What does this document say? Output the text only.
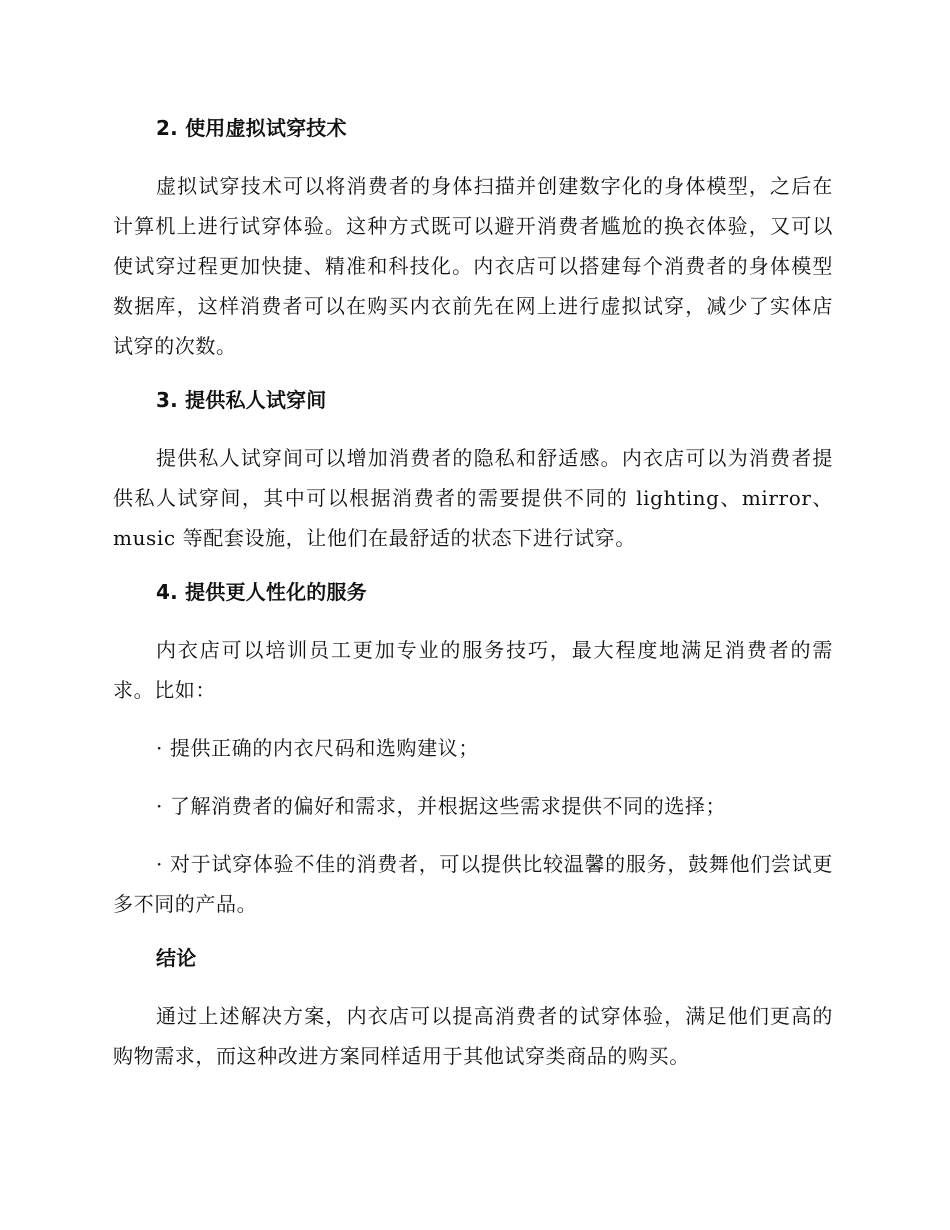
2. 使用虚拟试穿技术

虚拟试穿技术可以将消费者的身体扫描并创建数字化的身体模型，之后在计算机上进行试穿体验。这种方式既可以避开消费者尴尬的换衣体验，又可以使试穿过程更加快捷、精准和科技化。内衣店可以搭建每个消费者的身体模型数据库，这样消费者可以在购买内衣前先在网上进行虚拟试穿，减少了实体店试穿的次数。

3. 提供私人试穿间

提供私人试穿间可以增加消费者的隐私和舒适感。内衣店可以为消费者提供私人试穿间，其中可以根据消费者的需要提供不同的 lighting、mirror、music 等配套设施，让他们在最舒适的状态下进行试穿。

4. 提供更人性化的服务

内衣店可以培训员工更加专业的服务技巧，最大程度地满足消费者的需求。比如：

· 提供正确的内衣尺码和选购建议；

· 了解消费者的偏好和需求，并根据这些需求提供不同的选择；

· 对于试穿体验不佳的消费者，可以提供比较温馨的服务，鼓舞他们尝试更多不同的产品。

结论

通过上述解决方案，内衣店可以提高消费者的试穿体验，满足他们更高的购物需求，而这种改进方案同样适用于其他试穿类商品的购买。
